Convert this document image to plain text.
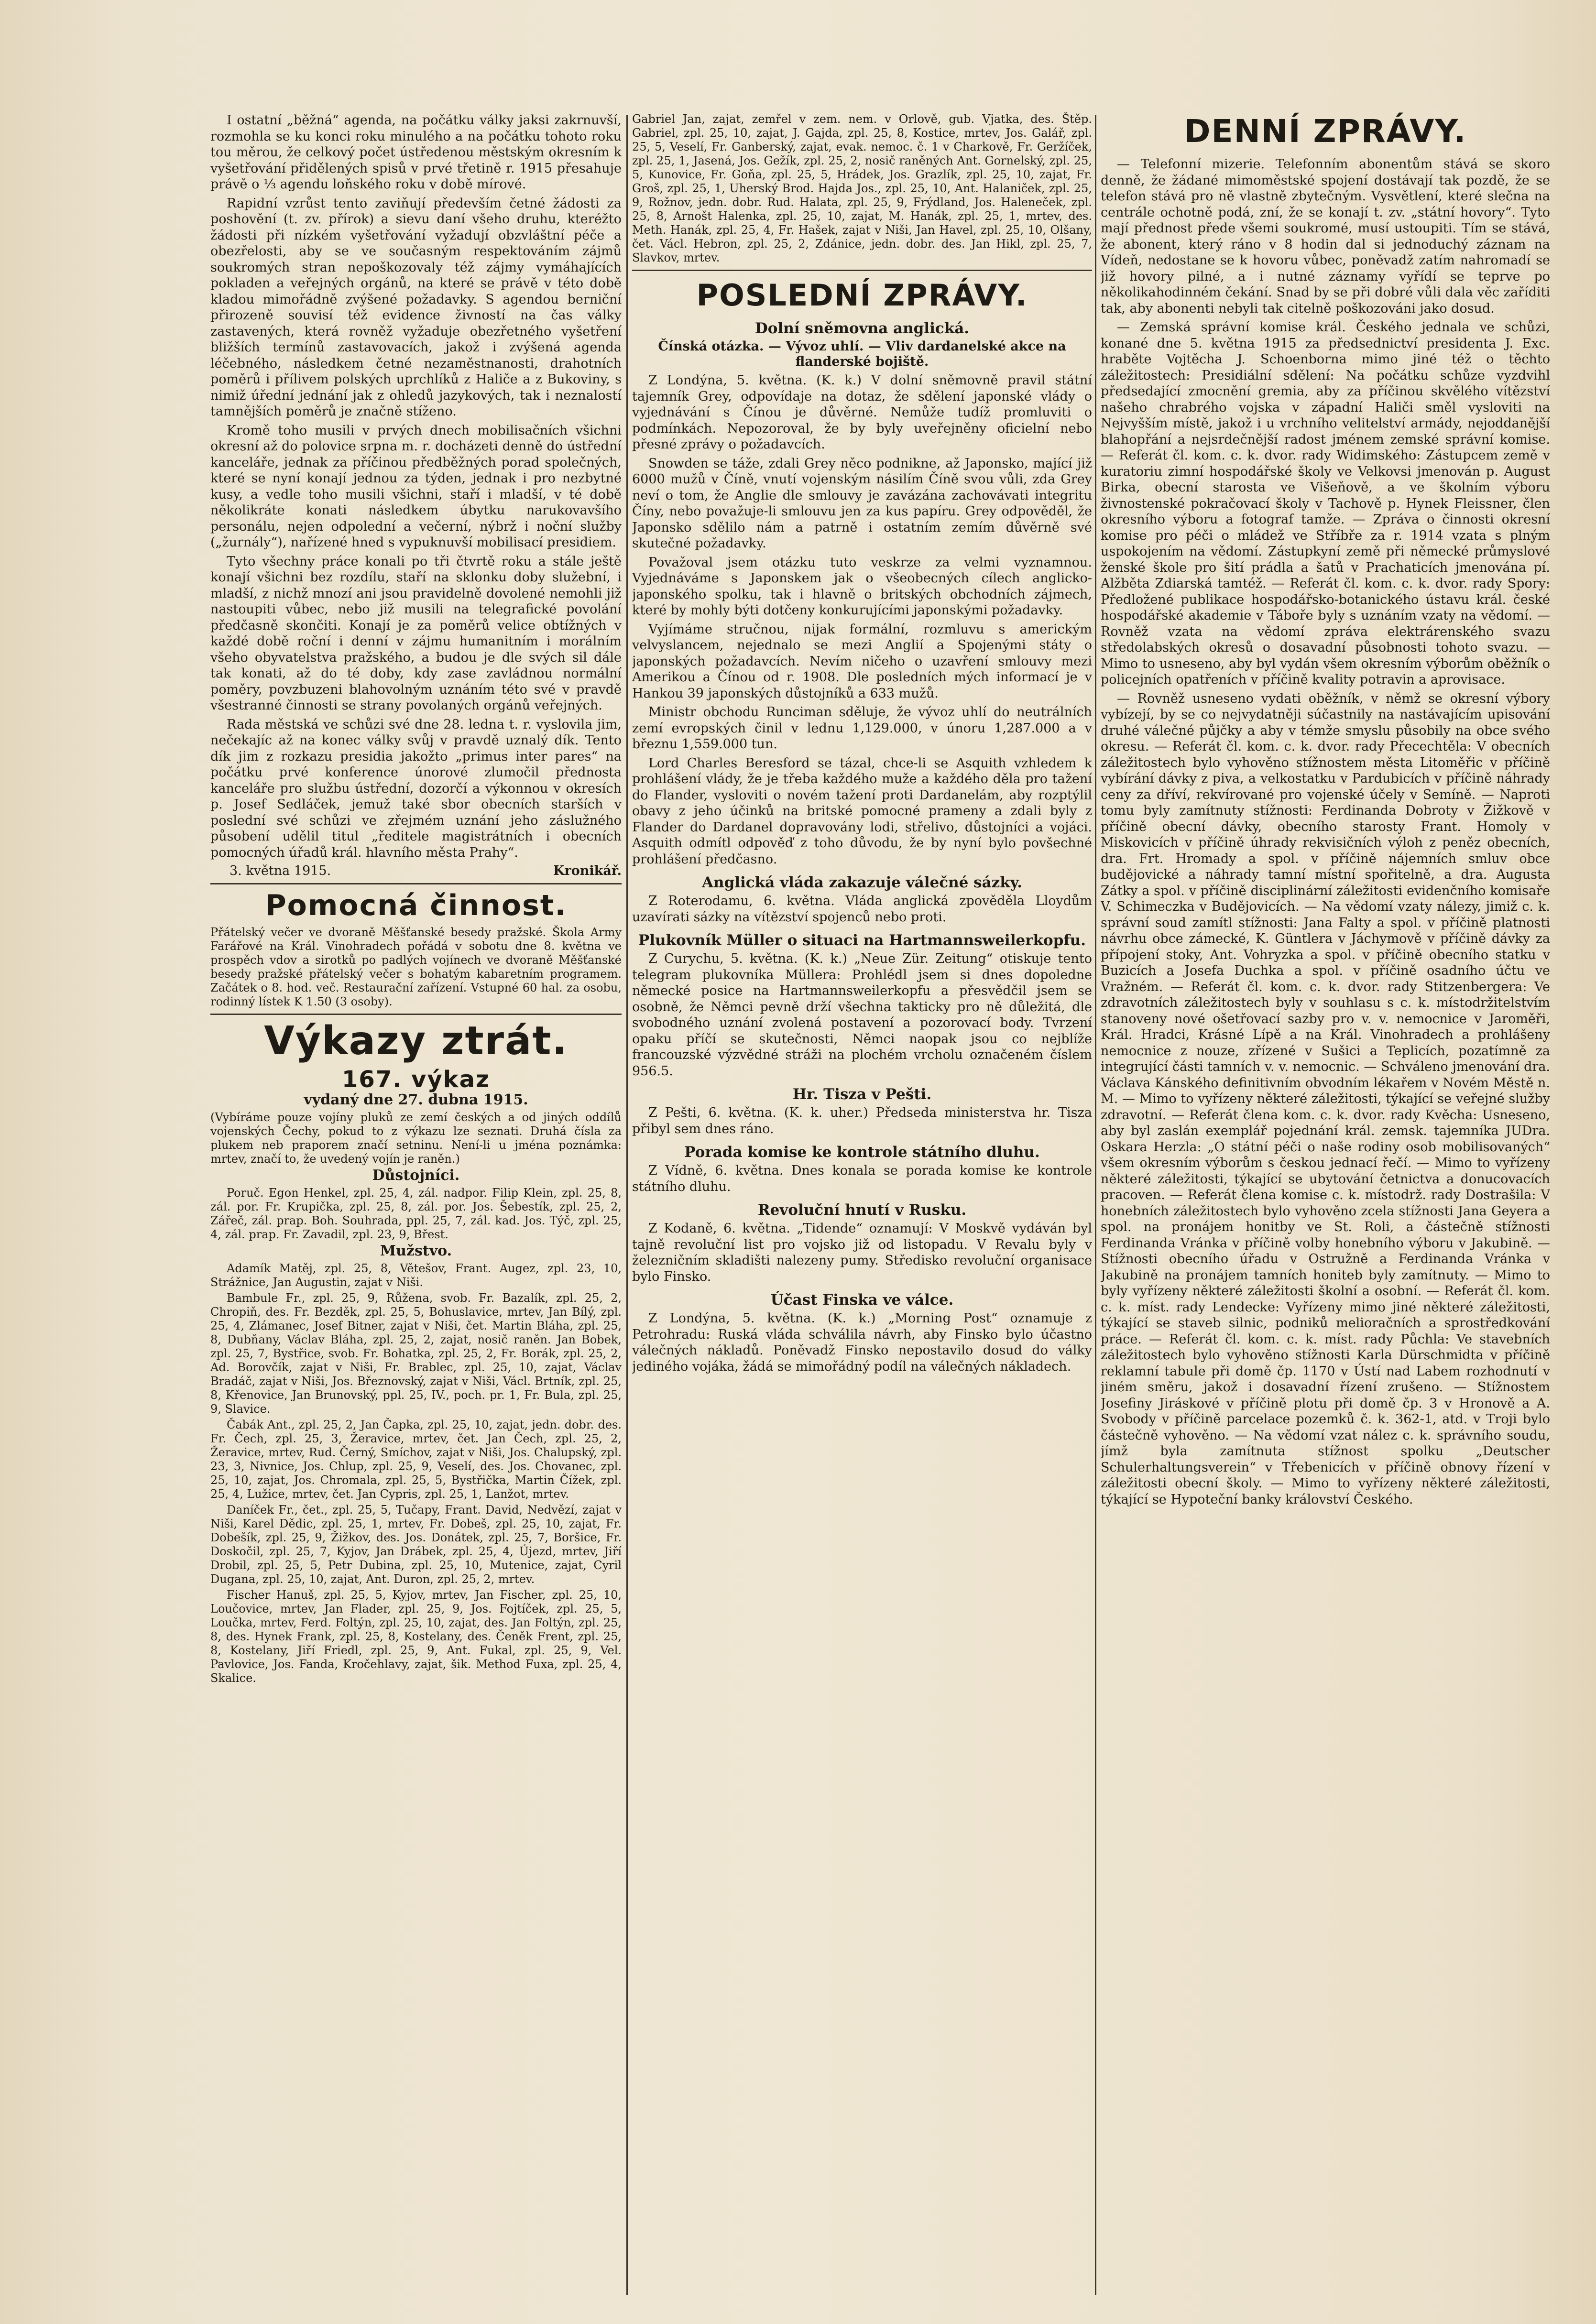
I ostatní „běžná“ agenda, na počátku války jaksi zakrnuvší, rozmohla se ku konci roku minulého a na počátku tohoto roku tou měrou, že celkový počet ústředenou městským okresním k vyšetřování přidělených spisů v prvé třetině r. 1915 přesahuje právě o ⅓ agendu loňského roku v době mírové.

Rapidní vzrůst tento zaviňují především četné žádosti za poshovění (t. zv. přírok) a sievu daní všeho druhu, kteréžto žádosti při nízkém vyšetřování vyžadují obzvláštní péče a obezřelosti, aby se ve současným respektováním zájmů soukromých stran nepoškozovaly též zájmy vymáhajících pokladen a veřejných orgánů, na které se právě v této době kladou mimořádně zvýšené požadavky. S agendou berniční přirozeně souvisí též evidence živností na čas války zastavených, která rovněž vyžaduje obezřetného vyšetření bližších termínů zastavovacích, jakož i zvýšená agenda léčebného, následkem četné nezaměstnanosti, drahotních poměrů i přílivem polských uprchlíků z Haliče a z Bukoviny, s nimiž úřední jednání jak z ohledů jazykových, tak i neznalostí tamnějších poměrů je značně stíženo.

Kromě toho musili v prvých dnech mobilisačních všichni okresní až do polovice srpna m. r. docházeti denně do ústřední kanceláře, jednak za příčinou předběžných porad společných, které se nyní konají jednou za týden, jednak i pro nezbytné kusy, a vedle toho musili všichni, staří i mladší, v té době několikráte konati následkem úbytku narukovavšího personálu, nejen odpolední a večerní, nýbrž i noční služby („žurnály“), nařízené hned s vypuknuvší mobilisací presidiem.

Tyto všechny práce konali po tři čtvrtě roku a stále ještě konají všichni bez rozdílu, staří na sklonku doby služební, i mladší, z nichž mnozí ani jsou pravidelně dovolené nemohli již nastoupiti vůbec, nebo již musili na telegrafické povolání předčasně skončiti. Konají je za poměrů velice obtížných v každé době roční i denní v zájmu humanitním i morálním všeho obyvatelstva pražského, a budou je dle svých sil dále tak konati, až do té doby, kdy zase zavládnou normální poměry, povzbuzeni blahovolným uznáním této své v pravdě všestranné činnosti se strany povolaných orgánů veřejných.

Rada městská ve schůzi své dne 28. ledna t. r. vyslovila jim, nečekajíc až na konec války svůj v pravdě uznalý dík. Tento dík jim z rozkazu presidia jakožto „primus inter pares“ na počátku prvé konference únorové zlumočil přednosta kanceláře pro službu ústřední, dozorčí a výkonnou v okresích p. Josef Sedláček, jemuž také sbor obecních starších v poslední své schůzi ve zřejmém uznání jeho záslužného působení udělil titul „ředitele magistrátních i obecních pomocných úřadů král. hlavního města Prahy“.

3. května 1915.	Kronikář.
Pomocná činnost.

Přátelský večer ve dvoraně Měšťanské besedy pražské. Škola Army Farářové na Král. Vinohradech pořádá v sobotu dne 8. května ve prospěch vdov a sirotků po padlých vojínech ve dvoraně Měšťanské besedy pražské přátelský večer s bohatým kabaretním programem. Začátek o 8. hod. več. Restaurační zařízení. Vstupné 60 hal. za osobu, rodinný lístek K 1.50 (3 osoby).

Výkazy ztrát.
167. výkaz
vydaný dne 27. dubna 1915.

(Vybíráme pouze vojíny pluků ze zemí českých a od jiných oddílů vojenských Čechy, pokud to z výkazu lze seznati. Druhá čísla za plukem neb praporem značí setninu. Není-li u jména poznámka: mrtev, značí to, že uvedený vojín je raněn.)

Důstojníci.

Poruč. Egon Henkel, zpl. 25, 4, zál. nadpor. Filip Klein, zpl. 25, 8, zál. por. Fr. Krupička, zpl. 25, 8, zál. por. Jos. Šebestík, zpl. 25, 2, Zářeč, zál. prap. Boh. Souhrada, ppl. 25, 7, zál. kad. Jos. Týč, zpl. 25, 4, zál. prap. Fr. Zavadil, zpl. 23, 9, Břest.

Mužstvo.

Adamík Matěj, zpl. 25, 8, Větešov, Frant. Augez, zpl. 23, 10, Strážnice, Jan Augustin, zajat v Niši.

Bambule Fr., zpl. 25, 9, Růžena, svob. Fr. Bazalík, zpl. 25, 2, Chropiň, des. Fr. Bezděk, zpl. 25, 5, Bohuslavice, mrtev, Jan Bílý, zpl. 25, 4, Zlámanec, Josef Bitner, zajat v Niši, čet. Martin Bláha, zpl. 25, 8, Dubňany, Václav Bláha, zpl. 25, 2, zajat, nosič raněn. Jan Bobek, zpl. 25, 7, Bystřice, svob. Fr. Bohatka, zpl. 25, 2, Fr. Borák, zpl. 25, 2, Ad. Borovčík, zajat v Niši, Fr. Brablec, zpl. 25, 10, zajat, Václav Bradáč, zajat v Niši, Jos. Březnovský, zajat v Niši, Václ. Brtník, zpl. 25, 8, Křenovice, Jan Brunovský, ppl. 25, IV., poch. pr. 1, Fr. Bula, zpl. 25, 9, Slavice.

Čabák Ant., zpl. 25, 2, Jan Čapka, zpl. 25, 10, zajat, jedn. dobr. des. Fr. Čech, zpl. 25, 3, Žeravice, mrtev, čet. Jan Čech, zpl. 25, 2, Žeravice, mrtev, Rud. Černý, Smíchov, zajat v Niši, Jos. Chalupský, zpl. 23, 3, Nivnice, Jos. Chlup, zpl. 25, 9, Veselí, des. Jos. Chovanec, zpl. 25, 10, zajat, Jos. Chromala, zpl. 25, 5, Bystřička, Martin Čížek, zpl. 25, 4, Lužice, mrtev, čet. Jan Cypris, zpl. 25, 1, Lanžot, mrtev.

Daníček Fr., čet., zpl. 25, 5, Tučapy, Frant. David, Nedvězí, zajat v Niši, Karel Dědic, zpl. 25, 1, mrtev, Fr. Dobeš, zpl. 25, 10, zajat, Fr. Dobešík, zpl. 25, 9, Žižkov, des. Jos. Donátek, zpl. 25, 7, Boršice, Fr. Doskočil, zpl. 25, 7, Kyjov, Jan Drábek, zpl. 25, 4, Újezd, mrtev, Jiří Drobil, zpl. 25, 5, Petr Dubina, zpl. 25, 10, Mutenice, zajat, Cyril Dugana, zpl. 25, 10, zajat, Ant. Duron, zpl. 25, 2, mrtev.

Fischer Hanuš, zpl. 25, 5, Kyjov, mrtev, Jan Fischer, zpl. 25, 10, Loučovice, mrtev, Jan Flader, zpl. 25, 9, Jos. Fojtíček, zpl. 25, 5, Loučka, mrtev, Ferd. Foltýn, zpl. 25, 10, zajat, des. Jan Foltýn, zpl. 25, 8, des. Hynek Frank, zpl. 25, 8, Kostelany, des. Čeněk Frent, zpl. 25, 8, Kostelany, Jiří Friedl, zpl. 25, 9, Ant. Fukal, zpl. 25, 9, Vel. Pavlovice, Jos. Fanda, Kročehlavy, zajat, šik. Method Fuxa, zpl. 25, 4, Skalice.

Gabriel Jan, zajat, zemřel v zem. nem. v Orlově, gub. Vjatka, des. Štěp. Gabriel, zpl. 25, 10, zajat, J. Gajda, zpl. 25, 8, Kostice, mrtev, Jos. Galář, zpl. 25, 5, Veselí, Fr. Ganberský, zajat, evak. nemoc. č. 1 v Charkově, Fr. Geržíček, zpl. 25, 1, Jasená, Jos. Gežík, zpl. 25, 2, nosič raněných Ant. Gornelský, zpl. 25, 5, Kunovice, Fr. Goňa, zpl. 25, 5, Hrádek, Jos. Grazlík, zpl. 25, 10, zajat, Fr. Groš, zpl. 25, 1, Uherský Brod. Hajda Jos., zpl. 25, 10, Ant. Halaniček, zpl. 25, 9, Rožnov, jedn. dobr. Rud. Halata, zpl. 25, 9, Frýdland, Jos. Haleneček, zpl. 25, 8, Arnošt Halenka, zpl. 25, 10, zajat, M. Hanák, zpl. 25, 1, mrtev, des. Meth. Hanák, zpl. 25, 4, Fr. Hašek, zajat v Niši, Jan Havel, zpl. 25, 10, Olšany, čet. Václ. Hebron, zpl. 25, 2, Zdánice, jedn. dobr. des. Jan Hikl, zpl. 25, 7, Slavkov, mrtev.

POSLEDNÍ ZPRÁVY.
Dolní sněmovna anglická.
Čínská otázka. — Vývoz uhlí. — Vliv dardanelské akce na flanderské bojiště.

Z Londýna, 5. května. (K. k.) V dolní sněmovně pravil státní tajemník Grey, odpovídaje na dotaz, že sdělení japonské vlády o vyjednávání s Čínou je důvěrné. Nemůže tudíž promluviti o podmínkách. Nepozoroval, že by byly uveřejněny oficielní nebo přesné zprávy o požadavcích.

Snowden se táže, zdali Grey něco podnikne, až Japonsko, mající již 6000 mužů v Číně, vnutí vojenským násilím Číně svou vůli, zda Grey neví o tom, že Anglie dle smlouvy je zavázána zachovávati integritu Číny, nebo považuje-li smlouvu jen za kus papíru. Grey odpověděl, že Japonsko sdělilo nám a patrně i ostatním zemím důvěrně své skutečné požadavky.

Považoval jsem otázku tuto veskrze za velmi vyznamnou. Vyjednáváme s Japonskem jak o všeobecných cílech anglicko-japonského spolku, tak i hlavně o britských obchodních zájmech, které by mohly býti dotčeny konkurujícími japonskými požadavky.

Vyjímáme stručnou, nijak formální, rozmluvu s americkým velvyslancem, nejednalo se mezi Anglií a Spojenými státy o japonských požadavcích. Nevím ničeho o uzavření smlouvy mezi Amerikou a Čínou od r. 1908. Dle posledních mých informací je v Hankou 39 japonských důstojníků a 633 mužů.

Ministr obchodu Runciman sděluje, že vývoz uhlí do neutrálních zemí evropských činil v lednu 1,129.000, v únoru 1,287.000 a v březnu 1,559.000 tun.

Lord Charles Beresford se tázal, chce-li se Asquith vzhledem k prohlášení vlády, že je třeba každého muže a každého děla pro tažení do Flander, vysloviti o novém tažení proti Dardanelám, aby rozptýlil obavy z jeho účinků na britské pomocné prameny a zdali byly z Flander do Dardanel dopravovány lodi, střelivo, důstojníci a vojáci. Asquith odmítl odpověď z toho důvodu, že by nyní bylo povšechné prohlášení předčasno.

Anglická vláda zakazuje válečné sázky.

Z Roterodamu, 6. května. Vláda anglická zpověděla Lloydům uzavírati sázky na vítězství spojenců nebo proti.

Plukovník Müller o situaci na Hartmannsweilerkopfu.

Z Curychu, 5. května. (K. k.) „Neue Zür. Zeitung“ otiskuje tento telegram plukovníka Müllera: Prohlédl jsem si dnes dopoledne německé posice na Hartmannsweilerkopfu a přesvědčil jsem se osobně, že Němci pevně drží všechna takticky pro ně důležitá, dle svobodného uznání zvolená postavení a pozorovací body. Tvrzení opaku příčí se skutečnosti, Němci naopak jsou co nejblíže francouzské výzvědné stráži na plochém vrcholu označeném číslem 956.5.

Hr. Tisza v Pešti.

Z Pešti, 6. května. (K. k. uher.) Předseda ministerstva hr. Tisza přibyl sem dnes ráno.

Porada komise ke kontrole státního dluhu.

Z Vídně, 6. května. Dnes konala se porada komise ke kontrole státního dluhu.

Revoluční hnutí v Rusku.

Z Kodaně, 6. května. „Tidende“ oznamují: V Moskvě vydáván byl tajně revoluční list pro vojsko již od listopadu. V Revalu byly v železničním skladišti nalezeny pumy. Střediskо revoluční organisace bylo Finsko.

Účast Finska ve válce.

Z Londýna, 5. května. (K. k.) „Morning Post“ oznamuje z Petrohradu: Ruská vláda schválila návrh, aby Finsko bylo účastno válečných nákladů. Poněvadž Finsko nepostavilo dosud do války jediného vojáka, žádá se mimořádný podíl na válečných nákladech.

DENNÍ ZPRÁVY.

— Telefonní mizerie. Telefonním abonentům stává se skoro denně, že žádané mimoměstské spojení dostávají tak pozdě, že se telefon stává pro ně vlastně zbytečným. Vysvětlení, které slečna na centrále ochotně podá, zní, že se konají t. zv. „státní hovory“. Tyto mají přednost přede všemi soukromé, musí ustoupiti. Tím se stává, že abonent, který ráno v 8 hodin dal si jednoduchý záznam na Vídeň, nedostane se k hovoru vůbec, poněvadž zatím nahromadí se již hovory pilné, a i nutné záznamy vyřídí se teprve po několikahodinném čekání. Snad by se při dobré vůli dala věc zaříditi tak, aby abonenti nebyli tak citelně poškozováni jako dosud.

— Zemská správní komise král. Českého jednala ve schůzi, konané dne 5. května 1915 za předsednictví presidenta J. Exc. hraběte Vojtěcha J. Schoenborna mimo jiné též o těchto záležitostech: Presidiální sdělení: Na počátku schůze vyzdvihl předsedající zmocnění gremia, aby za příčinou skvělého vítězství našeho chrabrého vojska v západní Haliči směl vysloviti na Nejvyšším místě, jakož i u vrchního velitelství armády, nejoddanější blahopřání a nejsrdečnější radost jménem zemské správní komise. — Referát čl. kom. c. k. dvor. rady Widimského: Zástupcem země v kuratoriu zimní hospodářské školy ve Velkovsi jmenován p. August Birka, obecní starosta ve Višeňově, a ve školním výboru živnostenské pokračovací školy v Tachově p. Hynek Fleissner, člen okresního výboru a fotograf tamže. — Zpráva o činnosti okresní komise pro péči o mládež ve Stříbře za r. 1914 vzata s plným uspokojením na vědomí. Zástupkyní země při německé průmyslové ženské škole pro šití prádla a šatů v Prachaticích jmenována pí. Alžběta Zdiarská tamtéž. — Referát čl. kom. c. k. dvor. rady Spory: Předložené publikace hospodářsko-botanického ústavu král. české hospodářské akademie v Táboře byly s uznáním vzaty na vědomí. — Rovněž vzata na vědomí zpráva elektrárenského svazu středolabských okresů o dosavadní působnosti tohoto svazu. — Mimo to usneseno, aby byl vydán všem okresním výborům oběžník o policejních opatřeních v příčině kvality potravin a aprovisace.

— Rovněž usneseno vydati oběžník, v němž se okresní výbory vybízejí, by se co nejvydatněji súčastnily na nastávajícím upisování druhé válečné půjčky a aby v témže smyslu působily na obce svého okresu. — Referát čl. kom. c. k. dvor. rady Přecechtěla: V obecních záležitostech bylo vyhověno stížnostem města Litoměřic v příčině vybírání dávky z piva, a velkostatku v Pardubicích v příčině náhrady ceny za dříví, rekvírované pro vojenské účely v Semíně. — Naproti tomu byly zamítnuty stížnosti: Ferdinanda Dobroty v Žižkově v příčině obecní dávky, obecního starosty Frant. Homoly v Miskovicích v příčině úhrady rekvisičních výloh z peněz obecních, drа. Frt. Hromady a spol. v příčině nájemních smluv obce budějovické a náhrady tamní místní spořitelně, a dra. Augusta Zátky a spol. v příčině disciplinární záležitosti evidenčního komisaře V. Schimeczka v Budějovicích. — Na vědomí vzaty nálezy, jimiž c. k. správní soud zamítl stížnosti: Jana Falty a spol. v příčině platnosti návrhu obce zámecké, K. Güntlera v Jáchymově v příčině dávky za přípojení stoky, Ant. Vohryzka a spol. v příčině obecního statku v Buzicích a Josefa Duchka a spol. v příčině osadního účtu ve Vražném. — Referát čl. kom. c. k. dvor. rady Stitzenbergera: Ve zdravotních záležitostech byly v souhlasu s c. k. místodržitelstvím stanoveny nové ošetřovací sazby pro v. v. nemocnice v Jaroměři, Král. Hradci, Krásné Lípě a na Král. Vinohradech a prohlášeny nemocnice z nouze, zřízené v Sušici a Teplicích, pozatímně za integrující části tamních v. v. nemocnic. — Schváleno jmenování dra. Václava Kánského definitivním obvodním lékařem v Novém Městě n. M. — Mimo to vyřízeny některé záležitosti, týkající se veřejné služby zdravotní. — Referát člena kom. c. k. dvor. rady Kvěcha: Usneseno, aby byl zaslán exemplář pojednání král. zemsk. tajemníka JUDra. Oskara Herzla: „O státní péči o naše rodiny osob mobilisovaných“ všem okresním výborům s českou jednací řečí. — Mimo to vyřízeny některé záležitosti, týkající se ubytování četnictva a donucovacích pracoven. — Referát člena komise c. k. místodrž. rady Dostrašila: V honebních záležitostech bylo vyhověno zcela stížnosti Jana Geyera a spol. na pronájem honitby ve St. Roli, a částečně stížnosti Ferdinanda Vránka v příčině volby honebního výboru v Jakubině. — Stížnosti obecního úřadu v Ostružně a Ferdinanda Vránka v Jakubině na pronájem tamních honiteb byly zamítnuty. — Mimo to byly vyřízeny některé záležitosti školní a osobní. — Referát čl. kom. c. k. míst. rady Lendecke: Vyřízeny mimo jiné některé záležitosti, týkající se staveb silnic, podniků melioračních a sprostředkování práce. — Referát čl. kom. c. k. míst. rady Půchla: Ve stavebních záležitostech bylo vyhověno stížnosti Karla Dürschmidta v příčině reklamní tabule při domě čp. 1170 v Ústí nad Labem rozhodnutí v jiném směru, jakož i dosavadní řízení zrušeno. — Stížnostem Josefiny Jiráskové v příčině plotu při domě čp. 3 v Hronově a A. Svobody v příčině parcelace pozemků č. k. 362-1, atd. v Troji bylo částečně vyhověno. — Na vědomí vzat nález c. k. správního soudu, jímž byla zamítnuta stížnost spolku „Deutscher Schulerhaltungsverein“ v Třebenicích v příčině obnovy řízení v záležitosti obecní školy. — Mimo to vyřízeny některé záležitosti, týkající se Hypoteční banky království Českého.
